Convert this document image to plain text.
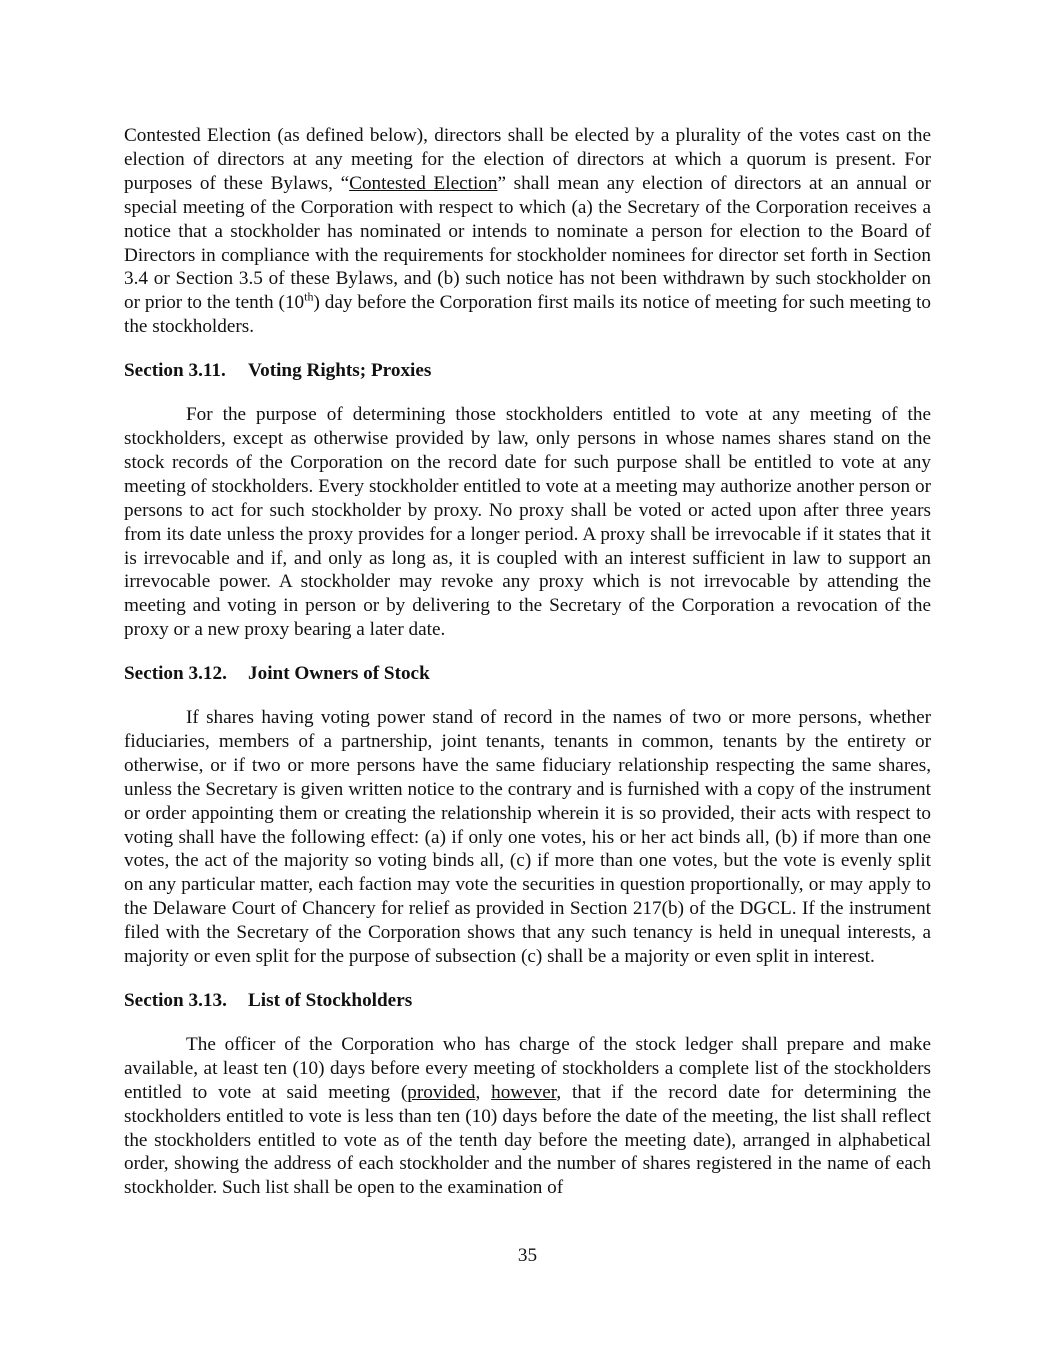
Contested Election (as defined below), directors shall be elected by a plurality of the votes cast on the election of directors at any meeting for the election of directors at which a quorum is present. For purposes of these Bylaws, “Contested Election” shall mean any election of directors at an annual or special meeting of the Corporation with respect to which (a) the Secretary of the Corporation receives a notice that a stockholder has nominated or intends to nominate a person for election to the Board of Directors in compliance with the requirements for stockholder nominees for director set forth in Section 3.4 or Section 3.5 of these Bylaws, and (b) such notice has not been withdrawn by such stockholder on or prior to the tenth (10th) day before the Corporation first mails its notice of meeting for such meeting to the stockholders.

Section 3.11. Voting Rights; Proxies

For the purpose of determining those stockholders entitled to vote at any meeting of the stockholders, except as otherwise provided by law, only persons in whose names shares stand on the stock records of the Corporation on the record date for such purpose shall be entitled to vote at any meeting of stockholders. Every stockholder entitled to vote at a meeting may authorize another person or persons to act for such stockholder by proxy. No proxy shall be voted or acted upon after three years from its date unless the proxy provides for a longer period. A proxy shall be irrevocable if it states that it is irrevocable and if, and only as long as, it is coupled with an interest sufficient in law to support an irrevocable power. A stockholder may revoke any proxy which is not irrevocable by attending the meeting and voting in person or by delivering to the Secretary of the Corporation a revocation of the proxy or a new proxy bearing a later date.

Section 3.12. Joint Owners of Stock

If shares having voting power stand of record in the names of two or more persons, whether fiduciaries, members of a partnership, joint tenants, tenants in common, tenants by the entirety or otherwise, or if two or more persons have the same fiduciary relationship respecting the same shares, unless the Secretary is given written notice to the contrary and is furnished with a copy of the instrument or order appointing them or creating the relationship wherein it is so provided, their acts with respect to voting shall have the following effect: (a) if only one votes, his or her act binds all, (b) if more than one votes, the act of the majority so voting binds all, (c) if more than one votes, but the vote is evenly split on any particular matter, each faction may vote the securities in question proportionally, or may apply to the Delaware Court of Chancery for relief as provided in Section 217(b) of the DGCL. If the instrument filed with the Secretary of the Corporation shows that any such tenancy is held in unequal interests, a majority or even split for the purpose of subsection (c) shall be a majority or even split in interest.

Section 3.13. List of Stockholders

The officer of the Corporation who has charge of the stock ledger shall prepare and make available, at least ten (10) days before every meeting of stockholders a complete list of the stockholders entitled to vote at said meeting (provided, however, that if the record date for determining the stockholders entitled to vote is less than ten (10) days before the date of the meeting, the list shall reflect the stockholders entitled to vote as of the tenth day before the meeting date), arranged in alphabetical order, showing the address of each stockholder and the number of shares registered in the name of each stockholder. Such list shall be open to the examination of

35
